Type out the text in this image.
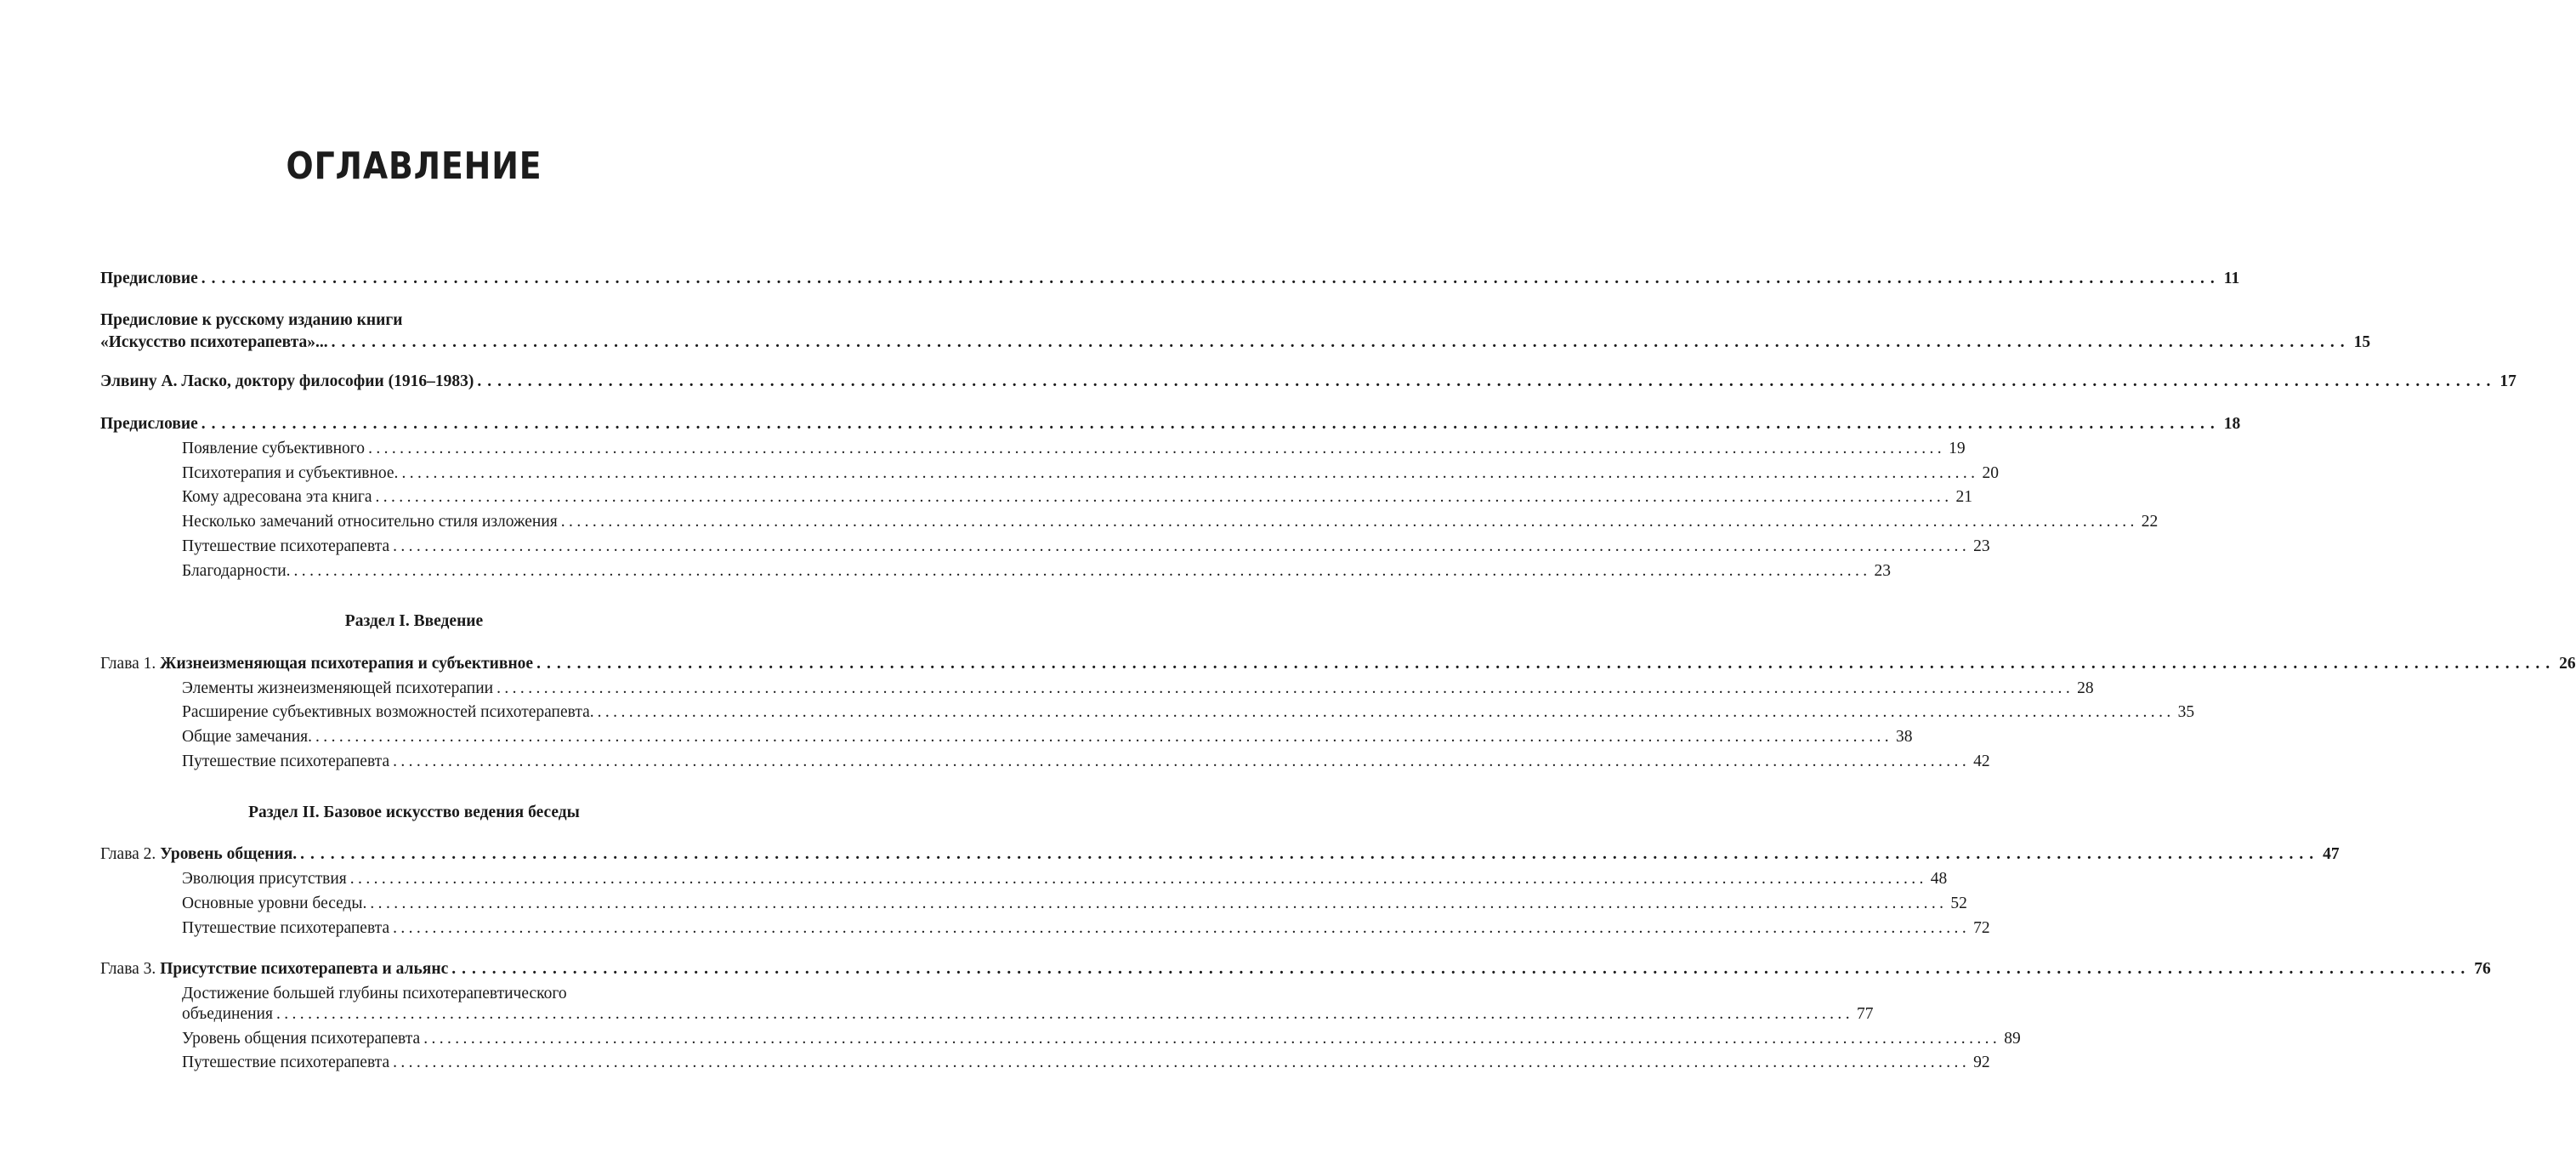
ОГЛАВЛЕНИЕ
Предисловие ........................................................................................................................................................................................................ 11
Предисловие к русскому изданию книги
«Искусство психотерапевта»... ........................................................................................................................................................................................................ 15
Элвину А. Ласко, доктору философии (1916–1983) ........................................................................................................................................................................................................ 17
Предисловие ........................................................................................................................................................................................................ 18
Появление субъективного ........................................................................................................................................................................................................ 19
Психотерапия и субъективное. ........................................................................................................................................................................................................ 20
Кому адресована эта книга ........................................................................................................................................................................................................ 21
Несколько замечаний относительно стиля изложения ........................................................................................................................................................................................................ 22
Путешествие психотерапевта ........................................................................................................................................................................................................ 23
Благодарности. ........................................................................................................................................................................................................ 23
Раздел I. Введение
Глава 1. Жизнеизменяющая психотерапия и субъективное ........................................................................................................................................................................................................ 26
Элементы жизнеизменяющей психотерапии ........................................................................................................................................................................................................ 28
Расширение субъективных возможностей психотерапевта. ........................................................................................................................................................................................................ 35
Общие замечания. ........................................................................................................................................................................................................ 38
Путешествие психотерапевта ........................................................................................................................................................................................................ 42
Раздел II. Базовое искусство ведения беседы
Глава 2. Уровень общения. ........................................................................................................................................................................................................ 47
Эволюция присутствия ........................................................................................................................................................................................................ 48
Основные уровни беседы. ........................................................................................................................................................................................................ 52
Путешествие психотерапевта ........................................................................................................................................................................................................ 72
Глава 3. Присутствие психотерапевта и альянс ........................................................................................................................................................................................................ 76
Достижение большей глубины психотерапевтического
объединения ........................................................................................................................................................................................................ 77
Уровень общения психотерапевта ........................................................................................................................................................................................................ 89
Путешествие психотерапевта ........................................................................................................................................................................................................ 92
